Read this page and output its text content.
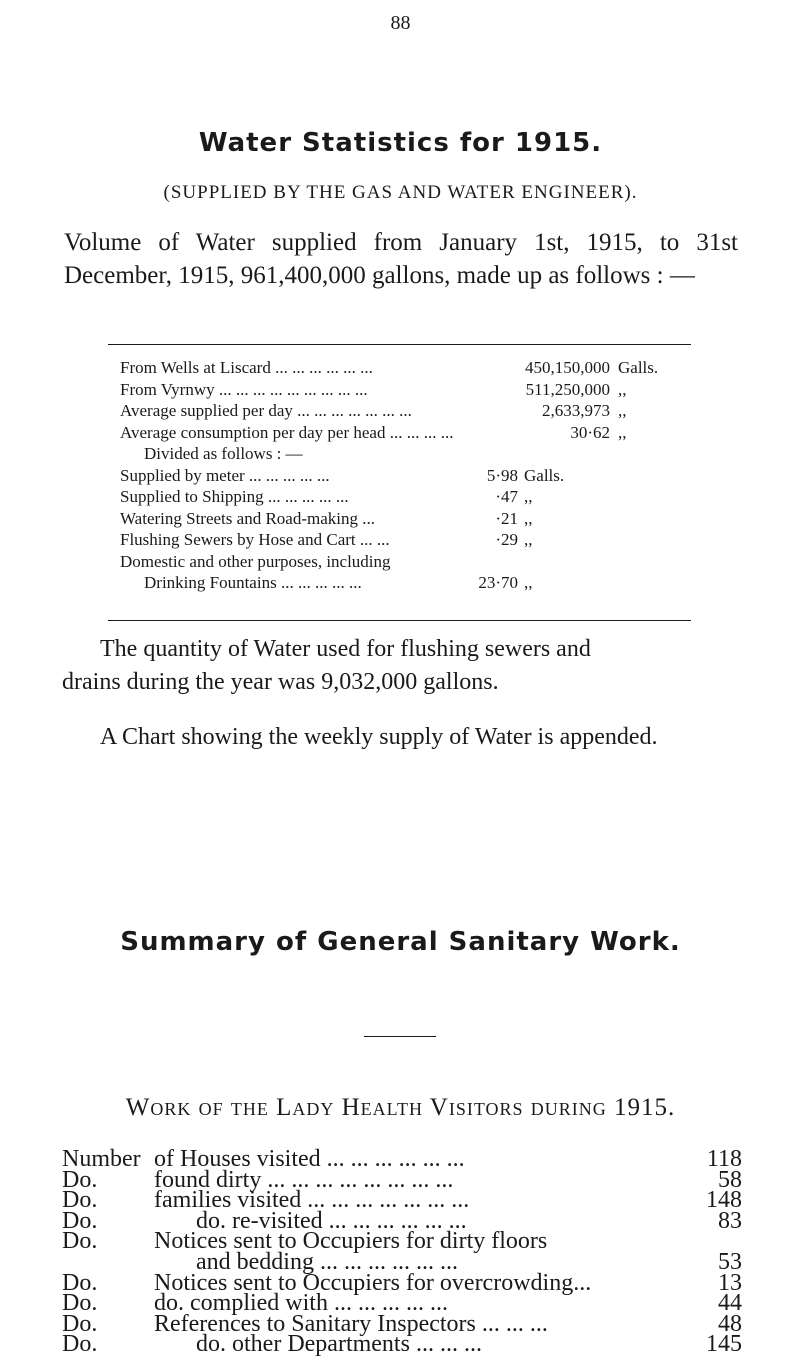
88
Water Statistics for 1915.
(SUPPLIED BY THE GAS AND WATER ENGINEER).
Volume of Water supplied from January 1st, 1915, to 31st December, 1915, 961,400,000 gallons, made up as follows : —
From Wells at Liscard ... ... ... ... ... ...	450,150,000 Galls.
From Vyrnwy ... ... ... ... ... ... ... ... ...	511,250,000 ,,
Average supplied per day ... ... ... ... ... ... ...	2,633,973 ,,
Average consumption per day per head ... ... ... ...	30·62 ,,
Divided as follows : —
Supplied by meter ... ... ... ... ...	5·98 Galls.
Supplied to Shipping ... ... ... ... ...	·47 ,,
Watering Streets and Road-making ...	·21 ,,
Flushing Sewers by Hose and Cart ... ...	·29 ,,
Domestic and other purposes, including
Drinking Fountains ... ... ... ... ...	23·70 ,,
The quantity of Water used for flushing sewers and
drains during the year was 9,032,000 gallons.
A Chart showing the weekly supply of Water is appended.
Summary of General Sanitary Work.
Work of the Lady Health Visitors during 1915.
Number of Houses visited ... ... ... ... ... ...	118
Do. found dirty ... ... ... ... ... ... ... ...	58
Do. families visited ... ... ... ... ... ... ...	148
Do.	do. re-visited ... ... ... ... ... ...	83
Do. Notices sent to Occupiers for dirty floors
and bedding ... ... ... ... ... ...	53
Do. Notices sent to Occupiers for overcrowding...	13
Do. do. complied with ... ... ... ... ...	44
Do. References to Sanitary Inspectors ... ... ...	48
Do.	do. other Departments ... ... ...	145
